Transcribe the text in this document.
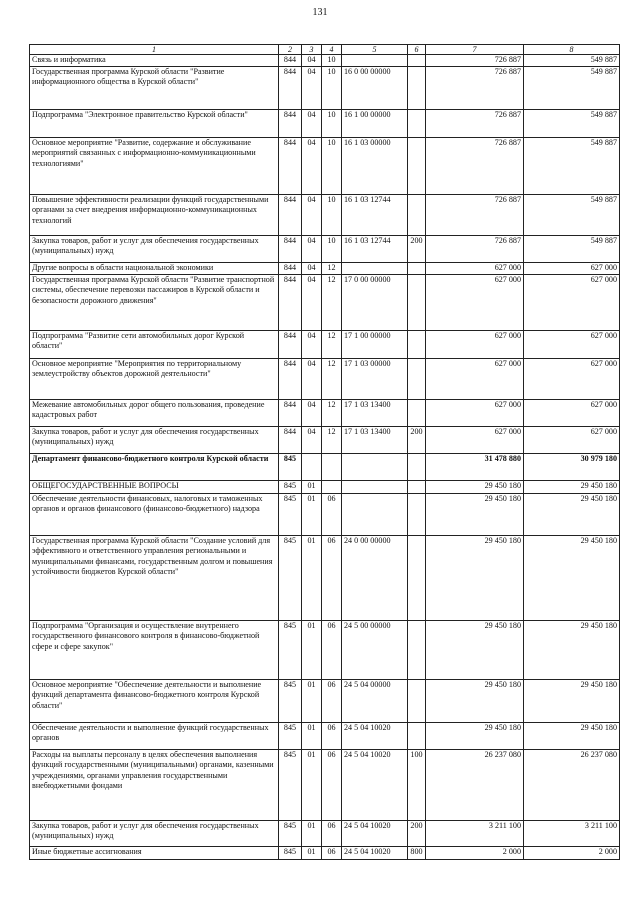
131
1	2	3	4	5	6	7	8
Связь и информатика	844	04	10			726 887	549 887
Государственная программа Курской области "Развитие информационного общества в Курской области"	844	04	10	16 0 00 00000		726 887	549 887
Подпрограмма "Электронное правительство Курской области"	844	04	10	16 1 00 00000		726 887	549 887
Основное мероприятие "Развитие, содержание и обслуживание мероприятий связанных с информационно-коммуникационными технологиями"	844	04	10	16 1 03 00000		726 887	549 887
Повышение эффективности реализации функций государственными органами за счет внедрения информационно-коммуникационных технологий	844	04	10	16 1 03 12744		726 887	549 887
Закупка товаров, работ и услуг для обеспечения государственных (муниципальных) нужд	844	04	10	16 1 03 12744	200	726 887	549 887
Другие вопросы в области национальной экономики	844	04	12			627 000	627 000
Государственная программа Курской области "Развитие транспортной системы, обеспечение перевозки пассажиров в Курской области и безопасности дорожного движения"	844	04	12	17 0 00 00000		627 000	627 000
Подпрограмма "Развитие сети автомобильных дорог Курской области"	844	04	12	17 1 00 00000		627 000	627 000
Основное мероприятие "Мероприятия по территориальному землеустройству объектов дорожной деятельности"	844	04	12	17 1 03 00000		627 000	627 000
Межевание автомобильных дорог общего пользования, проведение кадастровых работ	844	04	12	17 1 03 13400		627 000	627 000
Закупка товаров, работ и услуг для обеспечения государственных (муниципальных) нужд	844	04	12	17 1 03 13400	200	627 000	627 000
Департамент финансово-бюджетного контроля Курской области	845					31 478 880	30 979 180
ОБЩЕГОСУДАРСТВЕННЫЕ ВОПРОСЫ	845	01				29 450 180	29 450 180
Обеспечение деятельности финансовых, налоговых и таможенных органов и органов финансового (финансово-бюджетного) надзора	845	01	06			29 450 180	29 450 180
Государственная программа Курской области "Создание условий для эффективного и ответственного управления региональными и муниципальными финансами, государственным долгом и повышения устойчивости бюджетов Курской области"	845	01	06	24 0 00 00000		29 450 180	29 450 180
Подпрограмма "Организация и осуществление внутреннего государственного финансового контроля в финансово-бюджетной сфере и сфере закупок"	845	01	06	24 5 00 00000		29 450 180	29 450 180
Основное мероприятие "Обеспечение деятельности и выполнение функций департамента финансово-бюджетного контроля Курской области"	845	01	06	24 5 04 00000		29 450 180	29 450 180
Обеспечение деятельности и выполнение функций государственных органов	845	01	06	24 5 04 10020		29 450 180	29 450 180
Расходы на выплаты персоналу в целях обеспечения выполнения функций государственными (муниципальными) органами, казенными учреждениями, органами управления государственными внебюджетными фондами	845	01	06	24 5 04 10020	100	26 237 080	26 237 080
Закупка товаров, работ и услуг для обеспечения государственных (муниципальных) нужд	845	01	06	24 5 04 10020	200	3 211 100	3 211 100
Иные бюджетные ассигнования	845	01	06	24 5 04 10020	800	2 000	2 000
